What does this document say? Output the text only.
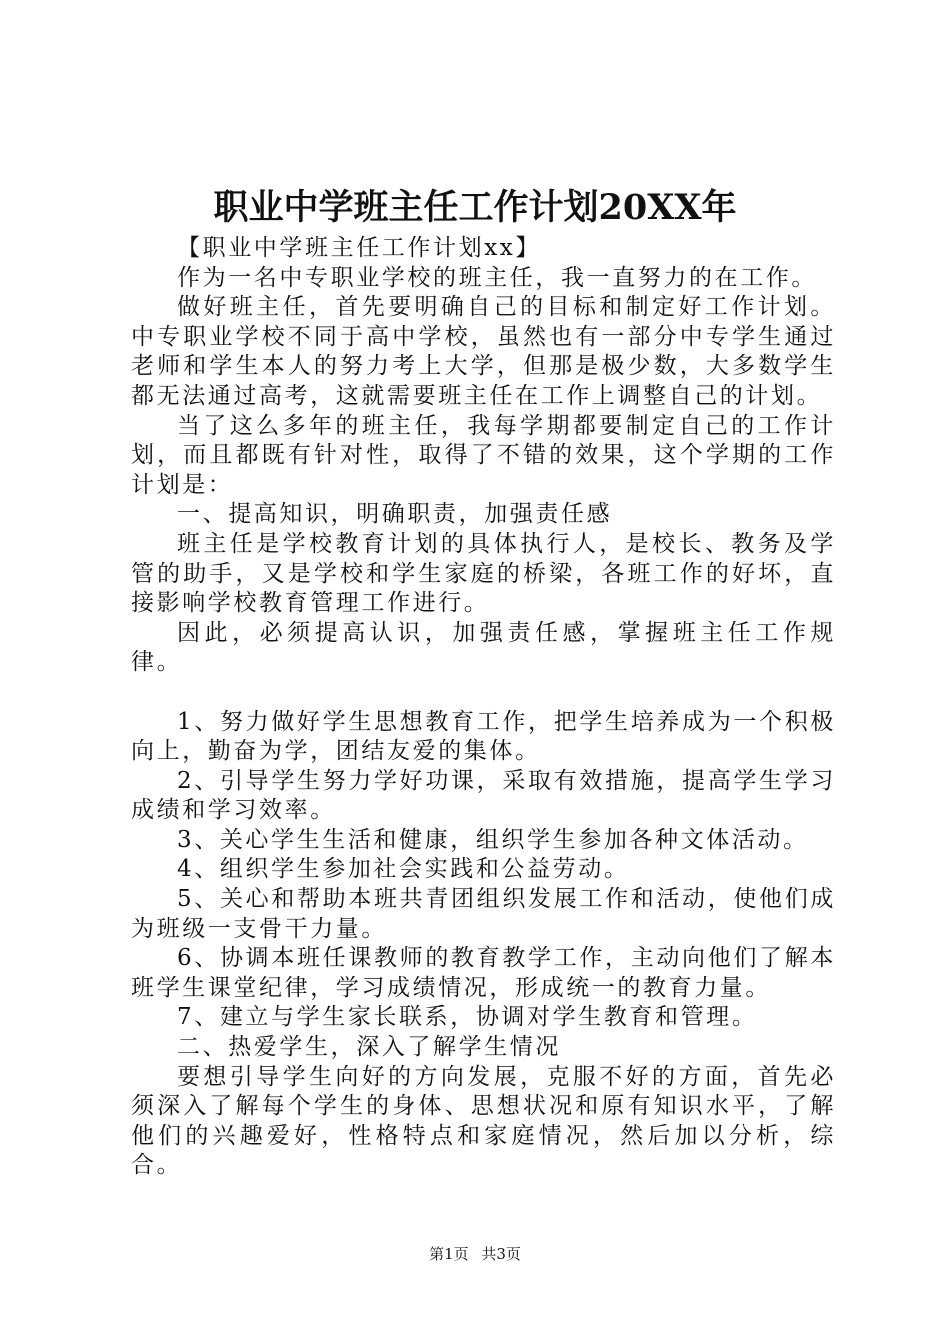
职业中学班主任工作计划20XX年

【职业中学班主任工作计划xx】

作为一名中专职业学校的班主任，我一直努力的在工作。

做好班主任，首先要明确自己的目标和制定好工作计划。中专职业学校不同于高中学校，虽然也有一部分中专学生通过老师和学生本人的努力考上大学，但那是极少数，大多数学生都无法通过高考，这就需要班主任在工作上调整自己的计划。

当了这么多年的班主任，我每学期都要制定自己的工作计划，而且都既有针对性，取得了不错的效果，这个学期的工作计划是：

一、提高知识，明确职责，加强责任感

班主任是学校教育计划的具体执行人，是校长、教务及学管的助手，又是学校和学生家庭的桥梁，各班工作的好坏，直接影响学校教育管理工作进行。

因此，必须提高认识，加强责任感，掌握班主任工作规律。

1、努力做好学生思想教育工作，把学生培养成为一个积极向上，勤奋为学，团结友爱的集体。

2、引导学生努力学好功课，采取有效措施，提高学生学习成绩和学习效率。

3、关心学生生活和健康，组织学生参加各种文体活动。

4、组织学生参加社会实践和公益劳动。

5、关心和帮助本班共青团组织发展工作和活动，使他们成为班级一支骨干力量。

6、协调本班任课教师的教育教学工作，主动向他们了解本班学生课堂纪律，学习成绩情况，形成统一的教育力量。

7、建立与学生家长联系，协调对学生教育和管理。

二、热爱学生，深入了解学生情况

要想引导学生向好的方向发展，克服不好的方面，首先必须深入了解每个学生的身体、思想状况和原有知识水平，了解他们的兴趣爱好，性格特点和家庭情况，然后加以分析，综合。

第1页 共3页
